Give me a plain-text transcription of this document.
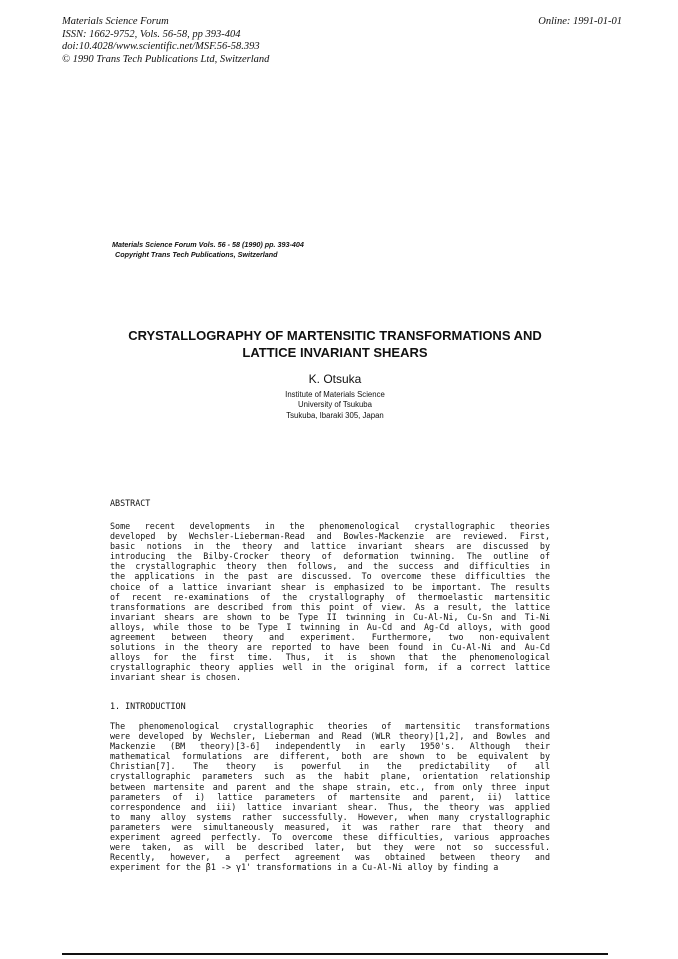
Materials Science Forum
ISSN: 1662-9752, Vols. 56-58, pp 393-404
doi:10.4028/www.scientific.net/MSF.56-58.393
© 1990 Trans Tech Publications Ltd, Switzerland
Online: 1991-01-01
Materials Science Forum Vols. 56 - 58 (1990) pp. 393-404
Copyright Trans Tech Publications, Switzerland
CRYSTALLOGRAPHY OF MARTENSITIC TRANSFORMATIONS AND
LATTICE INVARIANT SHEARS
K. Otsuka
Institute of Materials Science
University of Tsukuba
Tsukuba, Ibaraki 305, Japan
ABSTRACT
Some recent developments in the phenomenological crystallographic theories
developed by Wechsler-Lieberman-Read and Bowles-Mackenzie are reviewed. First,
basic notions in the theory and lattice invariant shears are discussed by
introducing the Bilby-Crocker theory of deformation twinning. The outline of
the crystallographic theory then follows, and the success and difficulties in
the applications in the past are discussed. To overcome these difficulties the
choice of a lattice invariant shear is emphasized to be important. The results
of recent re-examinations of the crystallography of thermoelastic martensitic
transformations are described from this point of view. As a result, the lattice
invariant shears are shown to be Type II twinning in Cu-Al-Ni, Cu-Sn and Ti-Ni
alloys, while those to be Type I twinning in Au-Cd and Ag-Cd alloys, with good
agreement between theory and experiment. Furthermore, two non-equivalent
solutions in the theory are reported to have been found in Cu-Al-Ni and Au-Cd
alloys for the first time. Thus, it is shown that the phenomenological
crystallographic theory applies well in the original form, if a correct lattice
invariant shear is chosen.
1. INTRODUCTION
The phenomenological crystallographic theories of martensitic transformations
were developed by Wechsler, Lieberman and Read (WLR theory)[1,2], and Bowles and
Mackenzie (BM theory)[3-6] independently in early 1950's. Although their
mathematical formulations are different, both are shown to be equivalent by
Christian[7]. The theory is powerful in the predictability of all
crystallographic parameters such as the habit plane, orientation relationship
between martensite and parent and the shape strain, etc., from only three input
parameters of i) lattice parameters of martensite and parent, ii) lattice
correspondence and iii) lattice invariant shear. Thus, the theory was applied
to many alloy systems rather successfully. However, when many crystallographic
parameters were simultaneously measured, it was rather rare that theory and
experiment agreed perfectly. To overcome these difficulties, various approaches
were taken, as will be described later, but they were not so successful.
Recently, however, a perfect agreement was obtained between theory and
experiment for the β1 -> γ1' transformations in a Cu-Al-Ni alloy by finding a
